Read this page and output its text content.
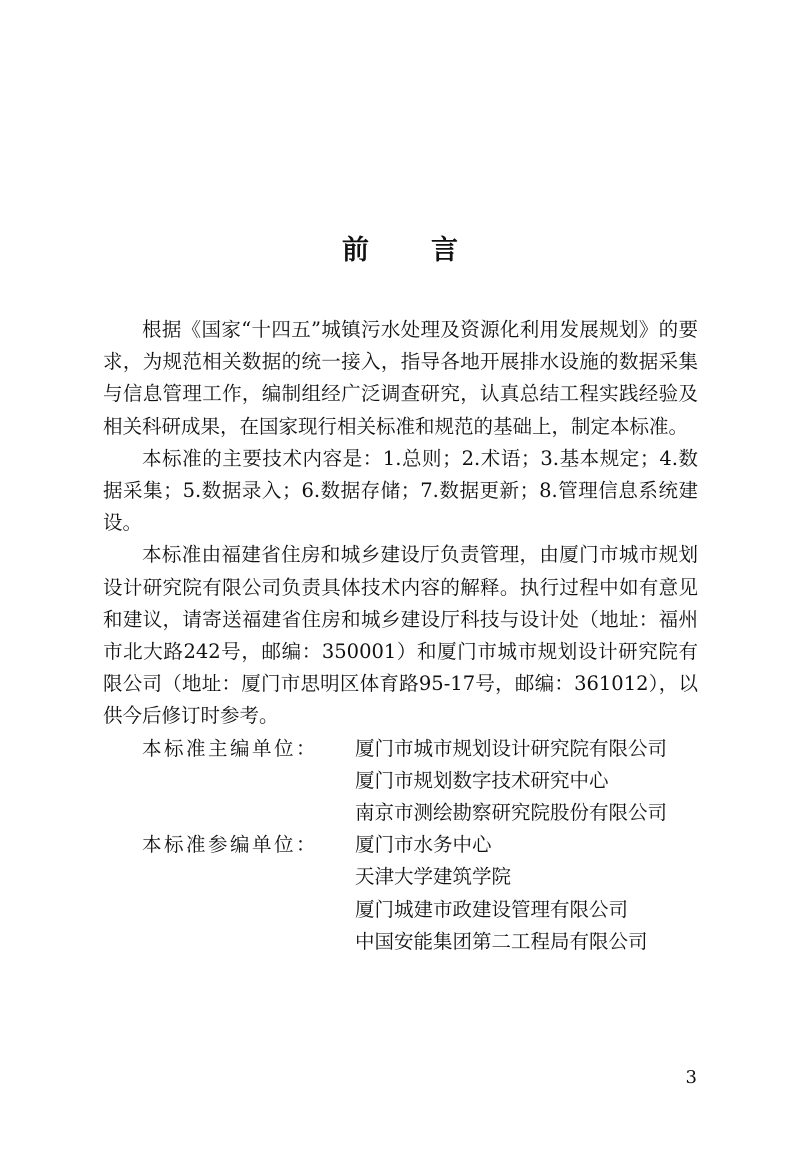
前 言

根据《国家“十四五”城镇污水处理及资源化利用发展规划》的要求，为规范相关数据的统一接入，指导各地开展排水设施的数据采集与信息管理工作，编制组经广泛调查研究，认真总结工程实践经验及相关科研成果，在国家现行相关标准和规范的基础上，制定本标准。

本标准的主要技术内容是：1.总则；2.术语；3.基本规定；4.数据采集；5.数据录入；6.数据存储；7.数据更新；8.管理信息系统建设。

本标准由福建省住房和城乡建设厅负责管理，由厦门市城市规划设计研究院有限公司负责具体技术内容的解释。执行过程中如有意见和建议，请寄送福建省住房和城乡建设厅科技与设计处（地址：福州市北大路242号，邮编：350001）和厦门市城市规划设计研究院有限公司（地址：厦门市思明区体育路95-17号，邮编：361012），以供今后修订时参考。

本标准主编单位：	厦门市城市规划设计研究院有限公司
厦门市规划数字技术研究中心
南京市测绘勘察研究院股份有限公司
本标准参编单位：	厦门市水务中心
天津大学建筑学院
厦门城建市政建设管理有限公司
中国安能集团第二工程局有限公司
3
